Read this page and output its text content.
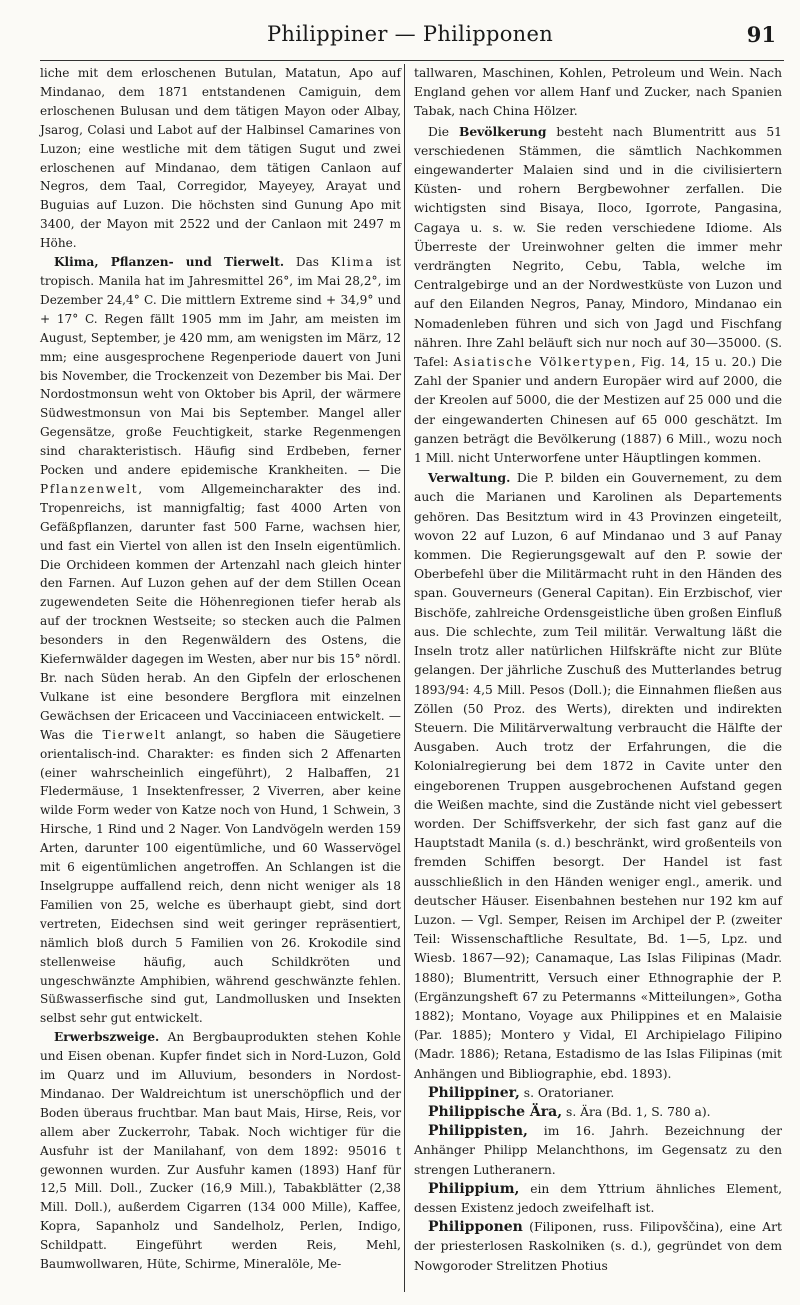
Philippiner — Philipponen	91

liche mit dem erloschenen Butulan, Matatun, Apo auf Mindanao, dem 1871 entstandenen Camiguin, dem erloschenen Bulusan und dem tätigen Mayon oder Albay, Jsarog, Colasi und Labot auf der Halbinsel Camarines von Luzon; eine westliche mit dem tätigen Sugut und zwei erloschenen auf Mindanao, dem tätigen Canlaon auf Negros, dem Taal, Corregidor, Mayeyey, Arayat und Buguias auf Luzon. Die höchsten sind Gunung Apo mit 3400, der Mayon mit 2522 und der Canlaon mit 2497 m Höhe.

Klima, Pflanzen- und Tierwelt. Das Klima ist tropisch. Manila hat im Jahresmittel 26°, im Mai 28,2°, im Dezember 24,4° C. Die mittlern Extreme sind + 34,9° und + 17° C. Regen fällt 1905 mm im Jahr, am meisten im August, September, je 420 mm, am wenigsten im März, 12 mm; eine ausgesprochene Regenperiode dauert von Juni bis November, die Trockenzeit von Dezember bis Mai. Der Nordostmonsun weht von Oktober bis April, der wärmere Südwestmonsun von Mai bis September. Mangel aller Gegensätze, große Feuchtigkeit, starke Regenmengen sind charakteristisch. Häufig sind Erdbeben, ferner Pocken und andere epidemische Krankheiten. — Die Pflanzenwelt, vom Allgemeincharakter des ind. Tropenreichs, ist mannigfaltig; fast 4000 Arten von Gefäßpflanzen, darunter fast 500 Farne, wachsen hier, und fast ein Viertel von allen ist den Inseln eigentümlich. Die Orchideen kommen der Artenzahl nach gleich hinter den Farnen. Auf Luzon gehen auf der dem Stillen Ocean zugewendeten Seite die Höhenregionen tiefer herab als auf der trocknen Westseite; so stecken auch die Palmen besonders in den Regenwäldern des Ostens, die Kiefernwälder dagegen im Westen, aber nur bis 15° nördl. Br. nach Süden herab. An den Gipfeln der erloschenen Vulkane ist eine besondere Bergflora mit einzelnen Gewächsen der Ericaceen und Vacciniaceen entwickelt. — Was die Tierwelt anlangt, so haben die Säugetiere orientalisch-ind. Charakter: es finden sich 2 Affenarten (einer wahrscheinlich eingeführt), 2 Halbaffen, 21 Fledermäuse, 1 Insektenfresser, 2 Viverren, aber keine wilde Form weder von Katze noch von Hund, 1 Schwein, 3 Hirsche, 1 Rind und 2 Nager. Von Landvögeln werden 159 Arten, darunter 100 eigentümliche, und 60 Wasservögel mit 6 eigentümlichen angetroffen. An Schlangen ist die Inselgruppe auffallend reich, denn nicht weniger als 18 Familien von 25, welche es überhaupt giebt, sind dort vertreten, Eidechsen sind weit geringer repräsentiert, nämlich bloß durch 5 Familien von 26. Krokodile sind stellenweise häufig, auch Schildkröten und ungeschwänzte Amphibien, während geschwänzte fehlen. Süßwasserfische sind gut, Landmollusken und Insekten selbst sehr gut entwickelt.

Erwerbszweige. An Bergbauprodukten stehen Kohle und Eisen obenan. Kupfer findet sich in Nord-Luzon, Gold im Quarz und im Alluvium, besonders in Nordost-Mindanao. Der Waldreichtum ist unerschöpflich und der Boden überaus fruchtbar. Man baut Mais, Hirse, Reis, vor allem aber Zuckerrohr, Tabak. Noch wichtiger für die Ausfuhr ist der Manilahanf, von dem 1892: 95016 t gewonnen wurden. Zur Ausfuhr kamen (1893) Hanf für 12,5 Mill. Doll., Zucker (16,9 Mill.), Tabakblätter (2,38 Mill. Doll.), außerdem Cigarren (134 000 Mille), Kaffee, Kopra, Sapanholz und Sandelholz, Perlen, Indigo, Schildpatt. Eingeführt werden Reis, Mehl, Baumwollwaren, Hüte, Schirme, Mineralöle, Me-

tallwaren, Maschinen, Kohlen, Petroleum und Wein. Nach England gehen vor allem Hanf und Zucker, nach Spanien Tabak, nach China Hölzer.

Die Bevölkerung besteht nach Blumentritt aus 51 verschiedenen Stämmen, die sämtlich Nachkommen eingewanderter Malaien sind und in die civilisiertern Küsten- und rohern Bergbewohner zerfallen. Die wichtigsten sind Bisaya, Iloco, Igorrote, Pangasina, Cagaya u. s. w. Sie reden verschiedene Idiome. Als Überreste der Ureinwohner gelten die immer mehr verdrängten Negrito, Cebu, Tabla, welche im Centralgebirge und an der Nordwestküste von Luzon und auf den Eilanden Negros, Panay, Mindoro, Mindanao ein Nomadenleben führen und sich von Jagd und Fischfang nähren. Ihre Zahl beläuft sich nur noch auf 30—35000. (S. Tafel: Asiatische Völkertypen, Fig. 14, 15 u. 20.) Die Zahl der Spanier und andern Europäer wird auf 2000, die der Kreolen auf 5000, die der Mestizen auf 25 000 und die der eingewanderten Chinesen auf 65 000 geschätzt. Im ganzen beträgt die Bevölkerung (1887) 6 Mill., wozu noch 1 Mill. nicht Unterworfene unter Häuptlingen kommen.

Verwaltung. Die P. bilden ein Gouvernement, zu dem auch die Marianen und Karolinen als Departements gehören. Das Besitztum wird in 43 Provinzen eingeteilt, wovon 22 auf Luzon, 6 auf Mindanao und 3 auf Panay kommen. Die Regierungsgewalt auf den P. sowie der Oberbefehl über die Militärmacht ruht in den Händen des span. Gouverneurs (General Capitan). Ein Erzbischof, vier Bischöfe, zahlreiche Ordensgeistliche üben großen Einfluß aus. Die schlechte, zum Teil militär. Verwaltung läßt die Inseln trotz aller natürlichen Hilfskräfte nicht zur Blüte gelangen. Der jährliche Zuschuß des Mutterlandes betrug 1893/94: 4,5 Mill. Pesos (Doll.); die Einnahmen fließen aus Zöllen (50 Proz. des Werts), direkten und indirekten Steuern. Die Militärverwaltung verbraucht die Hälfte der Ausgaben. Auch trotz der Erfahrungen, die die Kolonialregierung bei dem 1872 in Cavite unter den eingeborenen Truppen ausgebrochenen Aufstand gegen die Weißen machte, sind die Zustände nicht viel gebessert worden. Der Schiffsverkehr, der sich fast ganz auf die Hauptstadt Manila (s. d.) beschränkt, wird großenteils von fremden Schiffen besorgt. Der Handel ist fast ausschließlich in den Händen weniger engl., amerik. und deutscher Häuser. Eisenbahnen bestehen nur 192 km auf Luzon. — Vgl. Semper, Reisen im Archipel der P. (zweiter Teil: Wissenschaftliche Resultate, Bd. 1—5, Lpz. und Wiesb. 1867—92); Canamaque, Las Islas Filipinas (Madr. 1880); Blumentritt, Versuch einer Ethnographie der P. (Ergänzungsheft 67 zu Petermanns «Mitteilungen», Gotha 1882); Montano, Voyage aux Philippines et en Malaisie (Par. 1885); Montero y Vidal, El Archipielago Filipino (Madr. 1886); Retana, Estadismo de las Islas Filipinas (mit Anhängen und Bibliographie, ebd. 1893).

Philippiner, s. Oratorianer.

Philippische Ära, s. Ära (Bd. 1, S. 780 a).

Philippisten, im 16. Jahrh. Bezeichnung der Anhänger Philipp Melanchthons, im Gegensatz zu den strengen Lutheranern.

Philippium, ein dem Yttrium ähnliches Element, dessen Existenz jedoch zweifelhaft ist.

Philipponen (Filiponen, russ. Filipovščina), eine Art der priesterlosen Raskolniken (s. d.), gegründet von dem Nowgoroder Strelitzen Photius
